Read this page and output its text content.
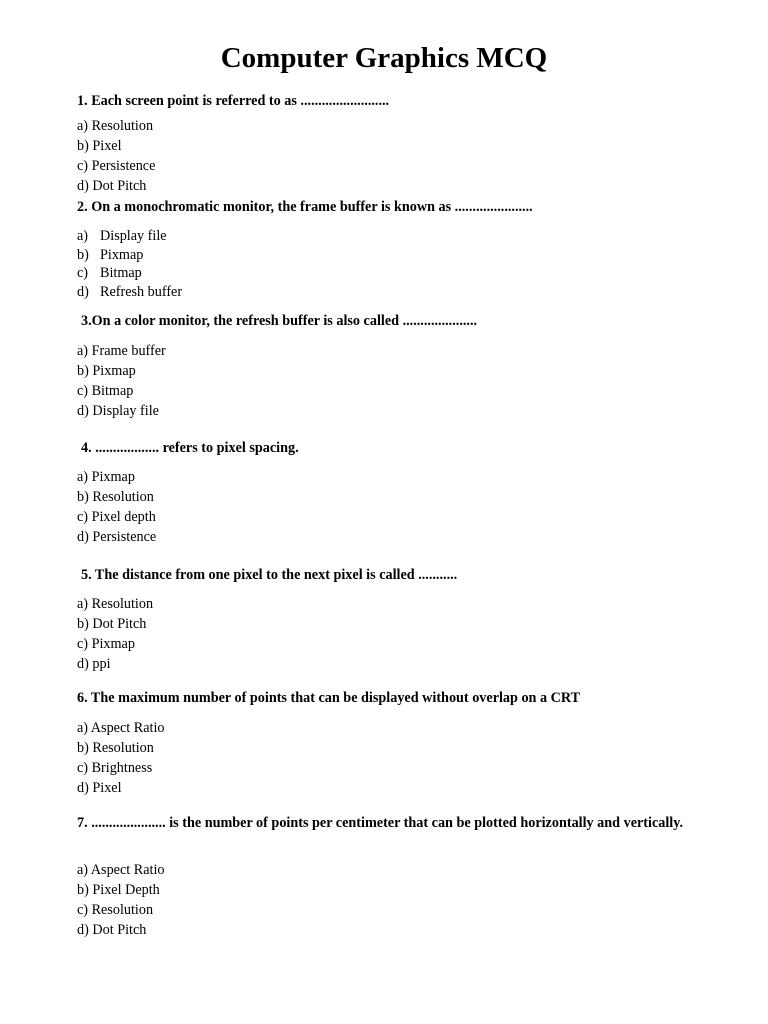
Computer Graphics MCQ
1. Each screen point is referred to as .........................
a) Resolution
b) Pixel
c) Persistence
d) Dot Pitch
2. On a monochromatic monitor, the frame buffer is known as ......................
a) Display file
b) Pixmap
c) Bitmap
d) Refresh buffer
3.On a color monitor, the refresh buffer is also called .....................
a) Frame buffer
b) Pixmap
c) Bitmap
d) Display file
4. .................. refers to pixel spacing.
a) Pixmap
b) Resolution
c) Pixel depth
d) Persistence
5. The distance from one pixel to the next pixel is called ...........
a) Resolution
b) Dot Pitch
c) Pixmap
d) ppi
6. The maximum number of points that can be displayed without overlap on a CRT
a) Aspect Ratio
b) Resolution
c) Brightness
d) Pixel
7. ..................... is the number of points per centimeter that can be plotted horizontally and vertically.
a) Aspect Ratio
b) Pixel Depth
c) Resolution
d) Dot Pitch
